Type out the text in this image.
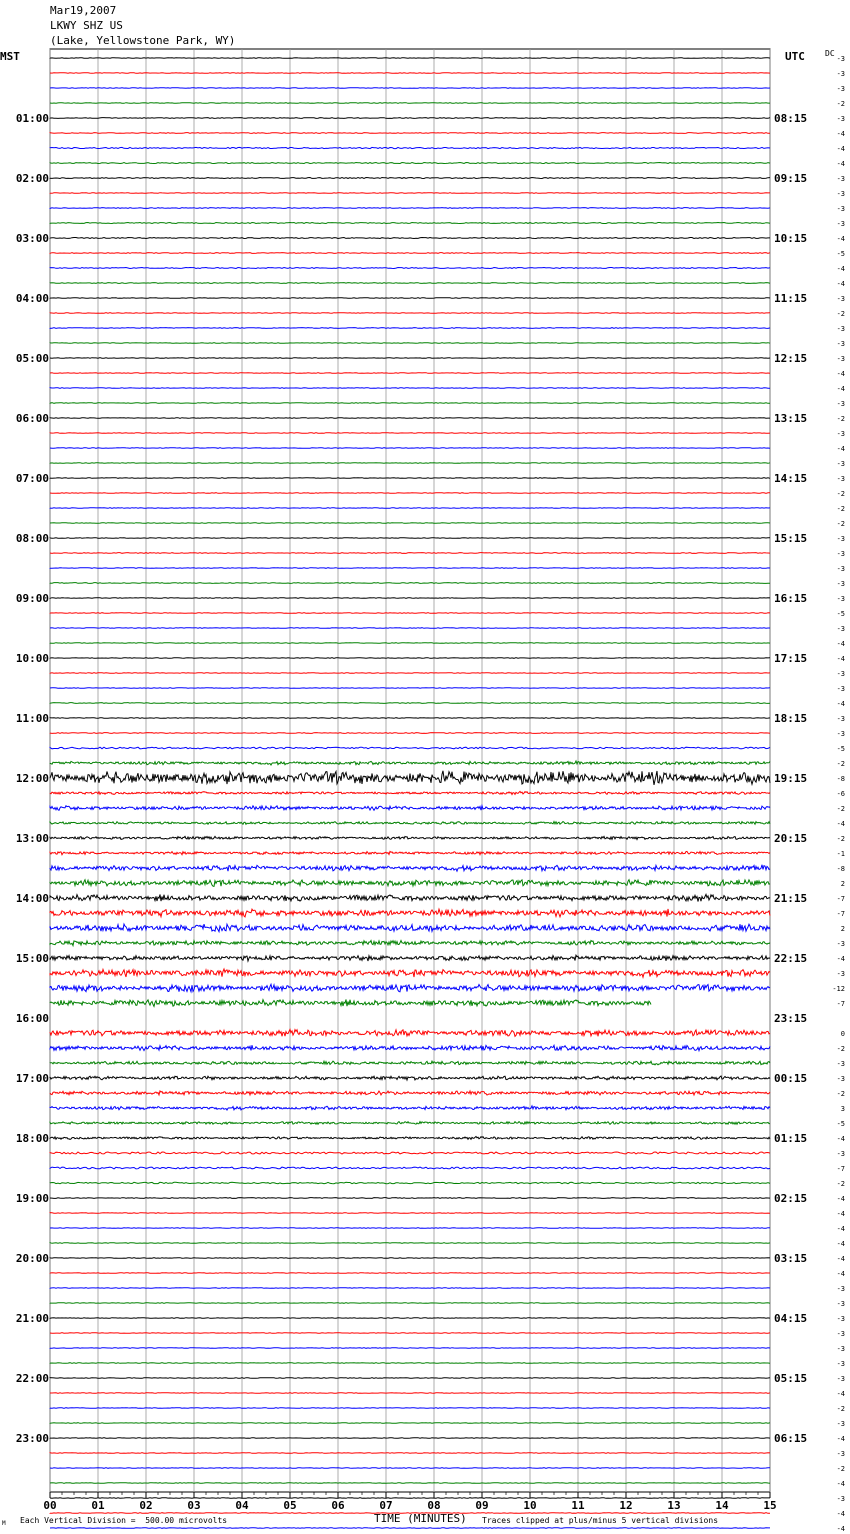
Mar19,2007
LKWY SHZ US
(Lake, Yellowstone Park, WY)
MST	UTC	DC
00	01	02	03	04	05	06	07	08	09	10	11	12	13	14	15
-3
-3
-3
-2
-3
-4
-4
-4
-3
-3
-3
-3
-4
-5
-4
-4
-3
-2
-3
-3
-3
-4
-4
-3
-2
-3
-4
-3
-3
-2
-2
-2
-3
-3
-3
-3
-3
-5
-3
-4
-4
-3
-3
-4
-3
-3
-5
-2
-8
-6
-2
-4
-2
-1
-8
2
-7
-7
2
-3
-4
-3
-12
-7
0
-2
-3
-3
-2
3
-5
-4
-3
-7
-2
-4
-4
-4
-4
-4
-4
-3
-3
-3
-3
-3
-3
-3
-4
-2
-3
-4
-3
-2
-4
-3
-4
-4
01:00
02:00
03:00
04:00
05:00
06:00
07:00
08:00
09:00
10:00
11:00
12:00
13:00
14:00
15:00
16:00
17:00
18:00
19:00
20:00
21:00
22:00
23:00
08:15
09:15
10:15
11:15
12:15
13:15
14:15
15:15
16:15
17:15
18:15
19:15
20:15
21:15
22:15
23:15
00:15
01:15
02:15
03:15
04:15
05:15
06:15
M Each Vertical Division =  500.00 microvolts	TIME (MINUTES) Traces clipped at plus/minus 5 vertical divisions
